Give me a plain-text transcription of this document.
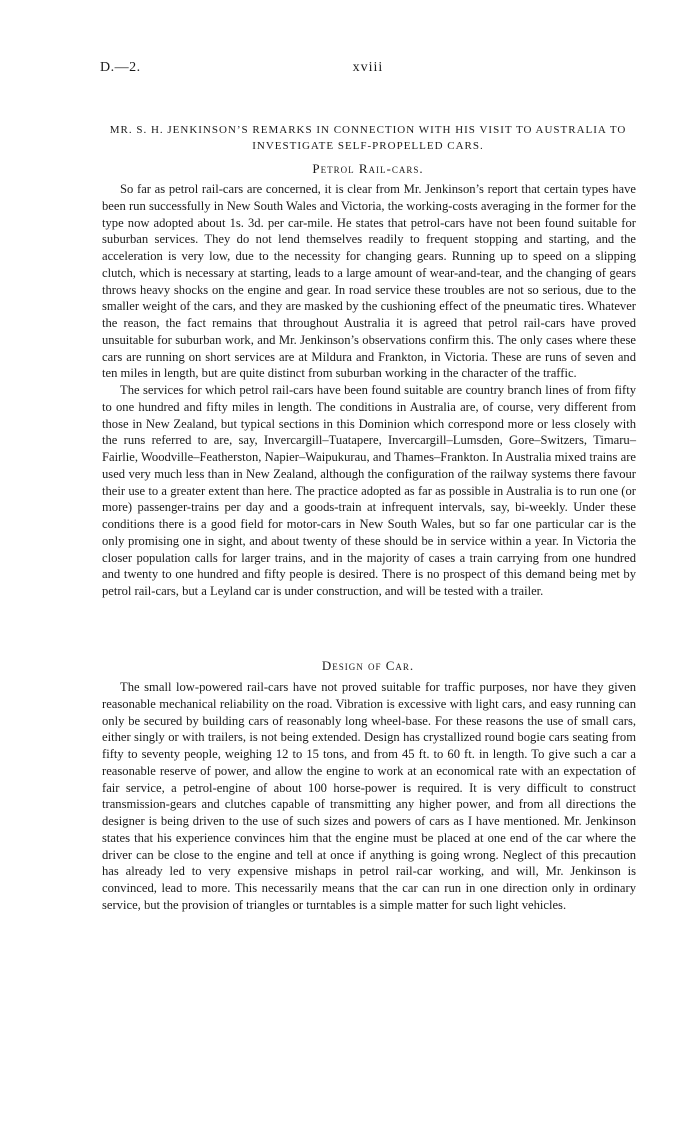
D.—2.	xviii
MR. S. H. JENKINSON’S REMARKS IN CONNECTION WITH HIS VISIT TO AUSTRALIA TO INVESTIGATE SELF-PROPELLED CARS.
Petrol Rail-cars.

So far as petrol rail-cars are concerned, it is clear from Mr. Jenkinson’s report that certain types have been run successfully in New South Wales and Victoria, the working-costs averaging in the former for the type now adopted about 1s. 3d. per car-mile. He states that petrol-cars have not been found suitable for suburban services. They do not lend themselves readily to frequent stopping and starting, and the acceleration is very low, due to the necessity for changing gears. Running up to speed on a slipping clutch, which is necessary at starting, leads to a large amount of wear-and-tear, and the changing of gears throws heavy shocks on the engine and gear. In road service these troubles are not so serious, due to the smaller weight of the cars, and they are masked by the cushioning effect of the pneumatic tires. Whatever the reason, the fact remains that throughout Australia it is agreed that petrol rail-cars have proved unsuitable for suburban work, and Mr. Jenkinson’s observations confirm this. The only cases where these cars are running on short services are at Mildura and Frankton, in Victoria. These are runs of seven and ten miles in length, but are quite distinct from suburban working in the character of the traffic.

The services for which petrol rail-cars have been found suitable are country branch lines of from fifty to one hundred and fifty miles in length. The conditions in Australia are, of course, very different from those in New Zealand, but typical sections in this Dominion which correspond more or less closely with the runs referred to are, say, Invercargill–Tuatapere, Invercargill–Lumsden, Gore–Switzers, Timaru–Fairlie, Woodville–Featherston, Napier–Waipukurau, and Thames–Frankton. In Australia mixed trains are used very much less than in New Zealand, although the configuration of the railway systems there favour their use to a greater extent than here. The practice adopted as far as possible in Australia is to run one (or more) passenger-trains per day and a goods-train at infrequent intervals, say, bi-weekly. Under these conditions there is a good field for motor-cars in New South Wales, but so far one particular car is the only promising one in sight, and about twenty of these should be in service within a year. In Victoria the closer population calls for larger trains, and in the majority of cases a train carrying from one hundred and twenty to one hundred and fifty people is desired. There is no prospect of this demand being met by petrol rail-cars, but a Leyland car is under construction, and will be tested with a trailer.

Design of Car.

The small low-powered rail-cars have not proved suitable for traffic purposes, nor have they given reasonable mechanical reliability on the road. Vibration is excessive with light cars, and easy running can only be secured by building cars of reasonably long wheel-base. For these reasons the use of small cars, either singly or with trailers, is not being extended. Design has crystallized round bogie cars seating from fifty to seventy people, weighing 12 to 15 tons, and from 45 ft. to 60 ft. in length. To give such a car a reasonable reserve of power, and allow the engine to work at an economical rate with an expectation of fair service, a petrol-engine of about 100 horse-power is required. It is very difficult to construct transmission-gears and clutches capable of transmitting any higher power, and from all directions the designer is being driven to the use of such sizes and powers of cars as I have mentioned. Mr. Jenkinson states that his experience convinces him that the engine must be placed at one end of the car where the driver can be close to the engine and tell at once if anything is going wrong. Neglect of this precaution has already led to very expensive mishaps in petrol rail-car working, and will, Mr. Jenkinson is convinced, lead to more. This necessarily means that the car can run in one direction only in ordinary service, but the provision of triangles or turntables is a simple matter for such light vehicles.
